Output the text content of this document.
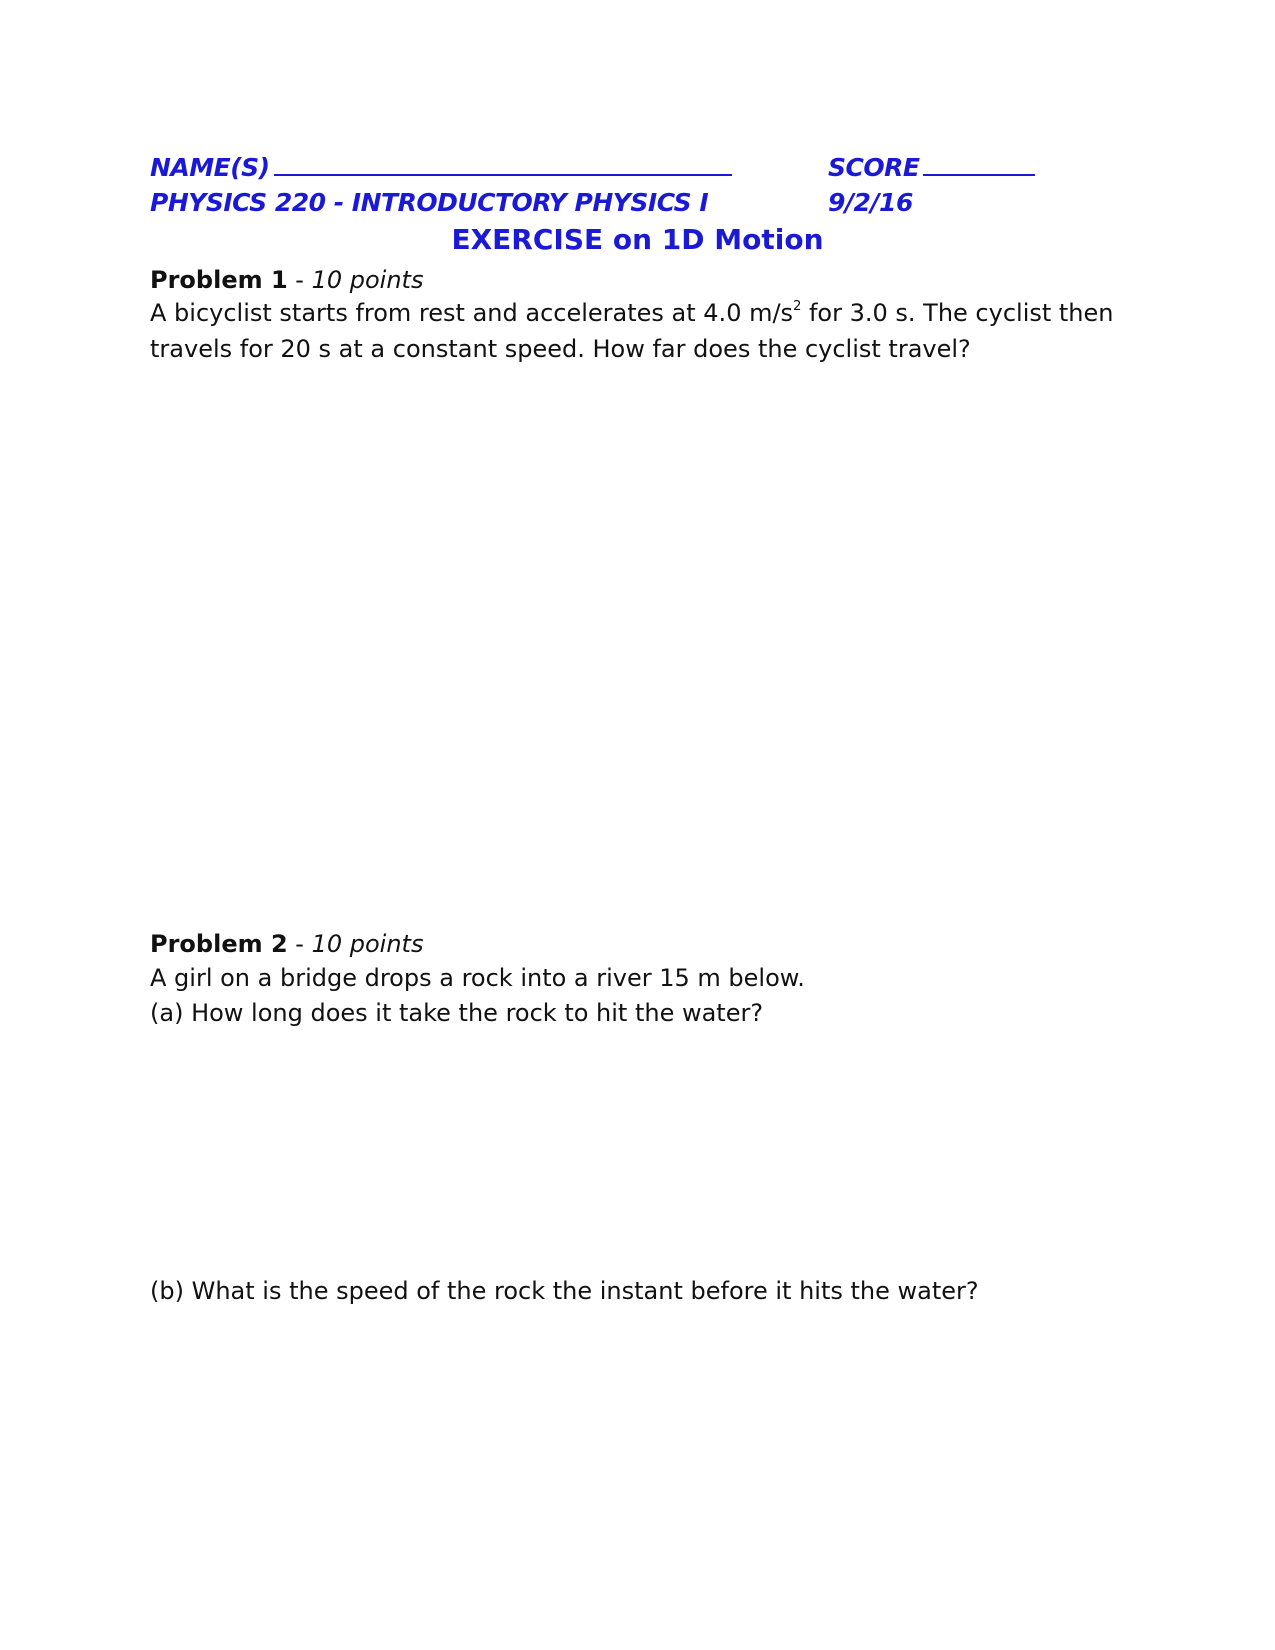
NAME(S)	SCORE
PHYSICS 220 - INTRODUCTORY PHYSICS I	9/2/16
EXERCISE on 1D Motion
Problem 1 - 10 points
A bicyclist starts from rest and accelerates at 4.0 $m/s^2$ for 3.0 s. The cyclist then
travels for 20 s at a constant speed. How far does the cyclist travel?
Problem 2 - 10 points
A girl on a bridge drops a rock into a river 15 m below.
(a) How long does it take the rock to hit the water?
(b) What is the speed of the rock the instant before it hits the water?
